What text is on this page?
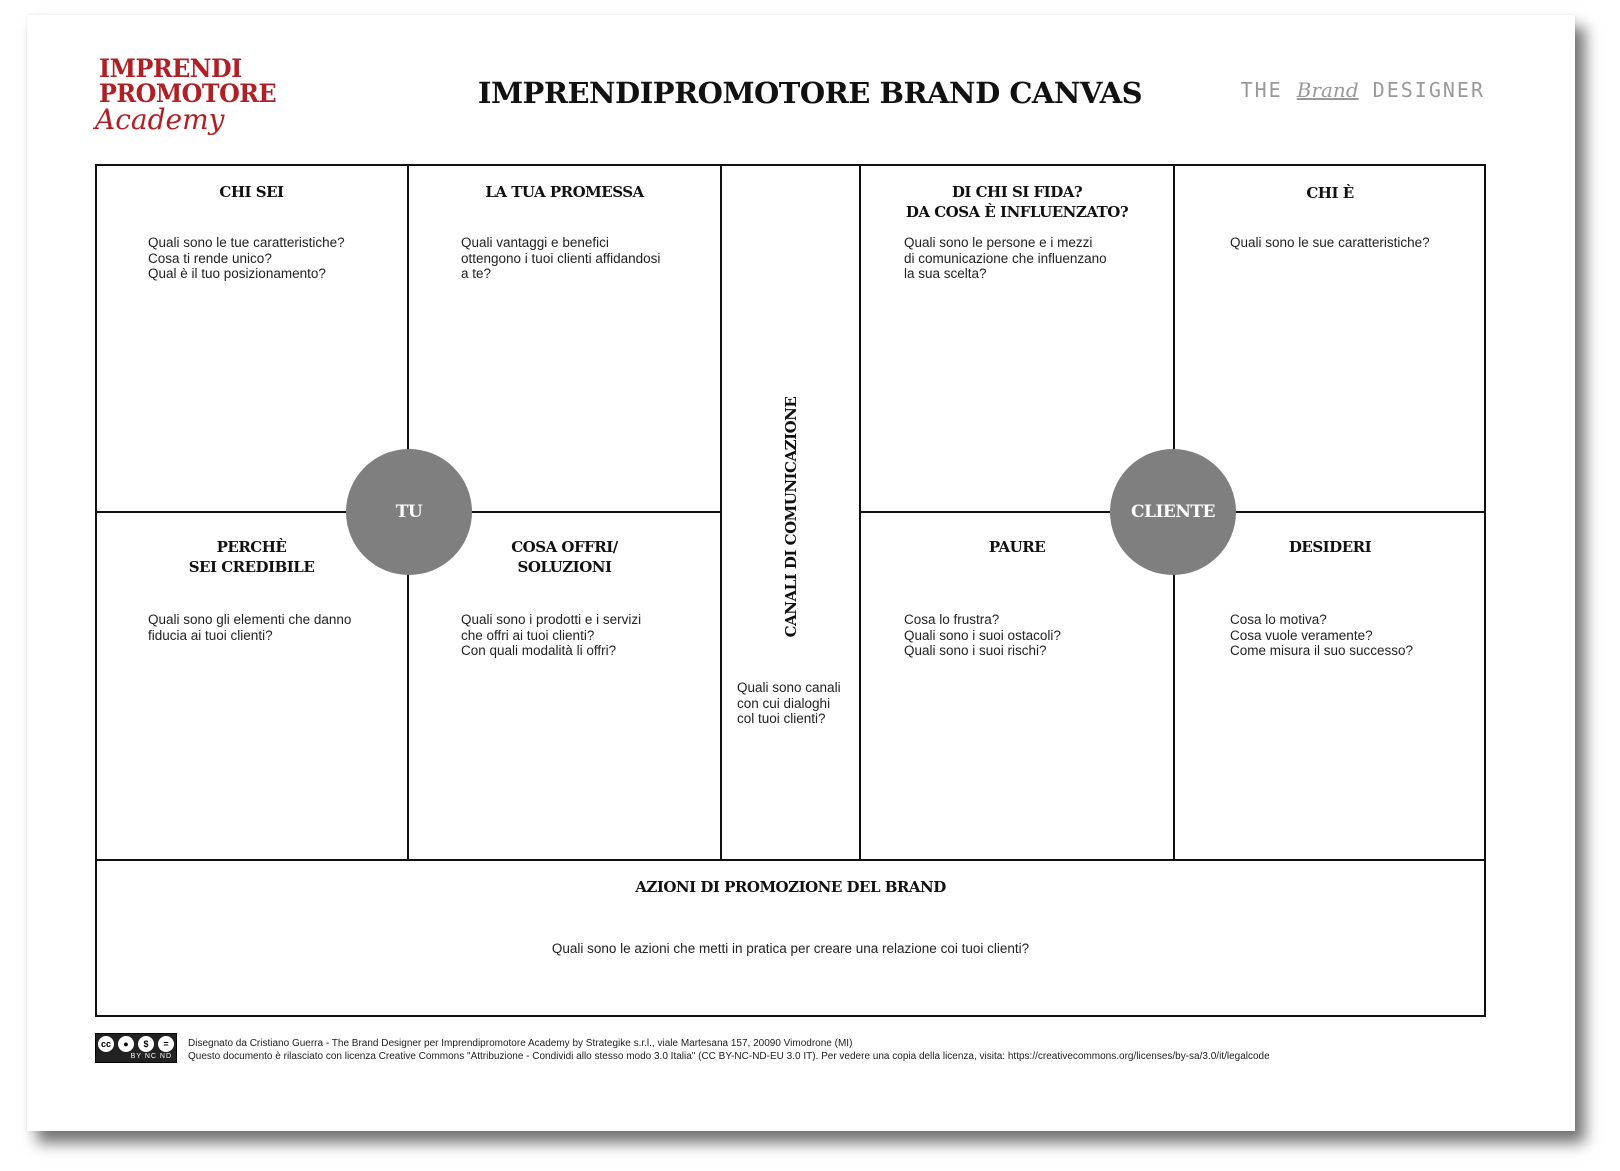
IMPRENDI
PROMOTORE
Academy
IMPRENDIPROMOTORE BRAND CANVAS	THE Brand DESIGNER
CHI SEI
Quali sono le tue caratteristiche?
Cosa ti rende unico?
Qual è il tuo posizionamento?
LA TUA PROMESSA
Quali vantaggi e benefici
ottengono i tuoi clienti affidandosi
a te?
PERCHÈ
SEI CREDIBILE
Quali sono gli elementi che danno
fiducia ai tuoi clienti?
COSA OFFRI/
SOLUZIONI
Quali sono i prodotti e i servizi
che offri ai tuoi clienti?
Con quali modalità li offri?
CANALI DI COMUNICAZIONE
Quali sono canali
con cui dialoghi
col tuoi clienti?
DI CHI SI FIDA?
DA COSA È INFLUENZATO?
Quali sono le persone e i mezzi
di comunicazione che influenzano
la sua scelta?
CHI È
Quali sono le sue caratteristiche?
PAURE
Cosa lo frustra?
Quali sono i suoi ostacoli?
Quali sono i suoi rischi?
DESIDERI
Cosa lo motiva?
Cosa vuole veramente?
Come misura il suo successo?
AZIONI DI PROMOZIONE DEL BRAND
Quali sono le azioni che metti in pratica per creare una relazione coi tuoi clienti?
TU	CLIENTE
cc	●	$	=
BY NC ND
Disegnato da Cristiano Guerra - The Brand Designer per Imprendipromotore Academy by Strategike s.r.l., viale Martesana 157, 20090 Vimodrone (MI)
Questo documento è rilasciato con licenza Creative Commons "Attribuzione - Condividi allo stesso modo 3.0 Italia" (CC BY-NC-ND-EU 3.0 IT). Per vedere una copia della licenza, visita: https://creativecommons.org/licenses/by-sa/3.0/it/legalcode
